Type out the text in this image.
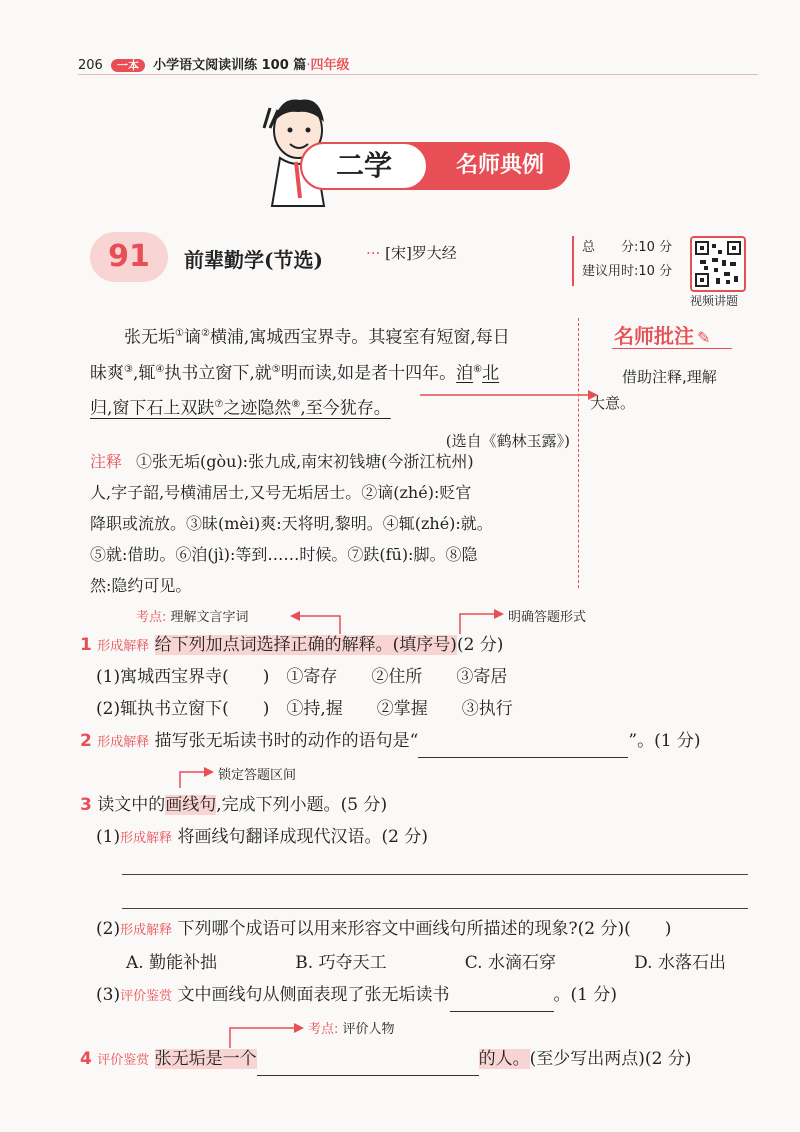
206 一本 小学语文阅读训练 100 篇·四年级
二学	名师典例
91	前辈勤学(节选)	··· [宋]罗大经	总　　分:10 分
建议用时:10 分
视频讲题
张无垢①谪②横浦,寓城西宝界寺。其寝室有短窗,每日
昧爽③,辄④执书立窗下,就⑤明而读,如是者十四年。洎⑥北
归,窗下石上双趺⑦之迹隐然⑧,至今犹存。
(选自《鹤林玉露》)
注释 ①张无垢(gòu):张九成,南宋初钱塘(今浙江杭州)
人,字子韶,号横浦居士,又号无垢居士。②谪(zhé):贬官
降职或流放。③昧(mèi)爽:天将明,黎明。④辄(zhé):就。
⑤就:借助。⑥洎(jì):等到……时候。⑦趺(fū):脚。⑧隐
然:隐约可见。
名师批注 ✎
借助注释,理解
大意。
考点: 理解文言字词	明确答题形式
1 形成解释 给下列加点词选择正确的解释。(填序号)(2 分)
(1)寓城西宝界寺(　　)　①寄存　　②住所　　③寄居
(2)辄执书立窗下(　　)　①持,握　　②掌握　　③执行
2 形成解释 描写张无垢读书时的动作的语句是“	”。(1 分)
锁定答题区间
3 读文中的画线句,完成下列小题。(5 分)
(1)形成解释 将画线句翻译成现代汉语。(2 分)
(2)形成解释 下列哪个成语可以用来形容文中画线句所描述的现象?(2 分)(　　)
A. 勤能补拙	B. 巧夺天工	C. 水滴石穿	D. 水落石出
(3)评价鉴赏 文中画线句从侧面表现了张无垢读书	。(1 分)
考点: 评价人物
4 评价鉴赏 张无垢是一个	的人。(至少写出两点)(2 分)
